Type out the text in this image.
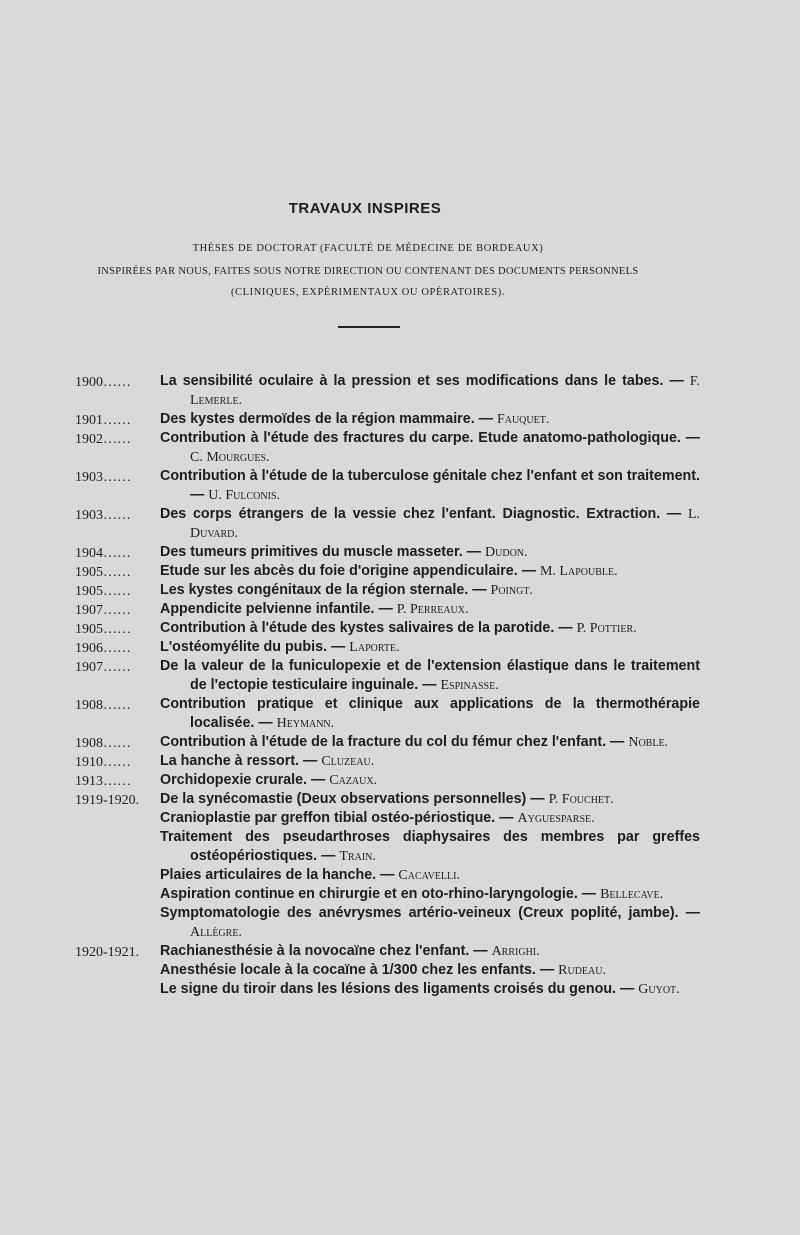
TRAVAUX INSPIRES
THÈSES DE DOCTORAT (FACULTÉ DE MÉDECINE DE BORDEAUX)
INSPIRÉES PAR NOUS, FAITES SOUS NOTRE DIRECTION OU CONTENANT DES DOCUMENTS PERSONNELS
(CLINIQUES, EXPÉRIMENTAUX OU OPÉRATOIRES).
1900……	La sensibilité oculaire à la pression et ses modifications dans le tabes. — F. Lemerle.
1901……	Des kystes dermoïdes de la région mammaire. — Fauquet.
1902……	Contribution à l'étude des fractures du carpe. Etude anatomo-pathologique. — C. Mourgues.
1903……	Contribution à l'étude de la tuberculose génitale chez l'enfant et son traitement. — U. Fulconis.
1903……	Des corps étrangers de la vessie chez l'enfant. Diagnostic. Extraction. — L. Duvard.
1904……	Des tumeurs primitives du muscle masseter. — Dudon.
1905……	Etude sur les abcès du foie d'origine appendiculaire. — M. Lapouble.
1905……	Les kystes congénitaux de la région sternale. — Poingt.
1907……	Appendicite pelvienne infantile. — P. Perreaux.
1905……	Contribution à l'étude des kystes salivaires de la parotide. — P. Pottier.
1906……	L'ostéomyélite du pubis. — Laporte.
1907……	De la valeur de la funiculopexie et de l'extension élastique dans le traitement de l'ectopie testiculaire inguinale. — Espinasse.
1908……	Contribution pratique et clinique aux applications de la thermothérapie localisée. — Heymann.
1908……	Contribution à l'étude de la fracture du col du fémur chez l'enfant. — Noble.
1910……	La hanche à ressort. — Cluzeau.
1913……	Orchidopexie crurale. — Cazaux.
1919-1920.	De la synécomastie (Deux observations personnelles) — P. Fouchet.
Cranioplastie par greffon tibial ostéo-périostique. — Ayguesparse.
Traitement des pseudarthroses diaphysaires des membres par greffes ostéopériostiques. — Train.
Plaies articulaires de la hanche. — Cacavelli.
Aspiration continue en chirurgie et en oto-rhino-laryngologie. — Bellecave.
Symptomatologie des anévrysmes artério-veineux (Creux poplité, jambe). — Allègre.
1920-1921.	Rachianesthésie à la novocaïne chez l'enfant. — Arrighi.
Anesthésie locale à la cocaïne à 1/300 chez les enfants. — Rudeau.
Le signe du tiroir dans les lésions des ligaments croisés du genou. — Guyot.
